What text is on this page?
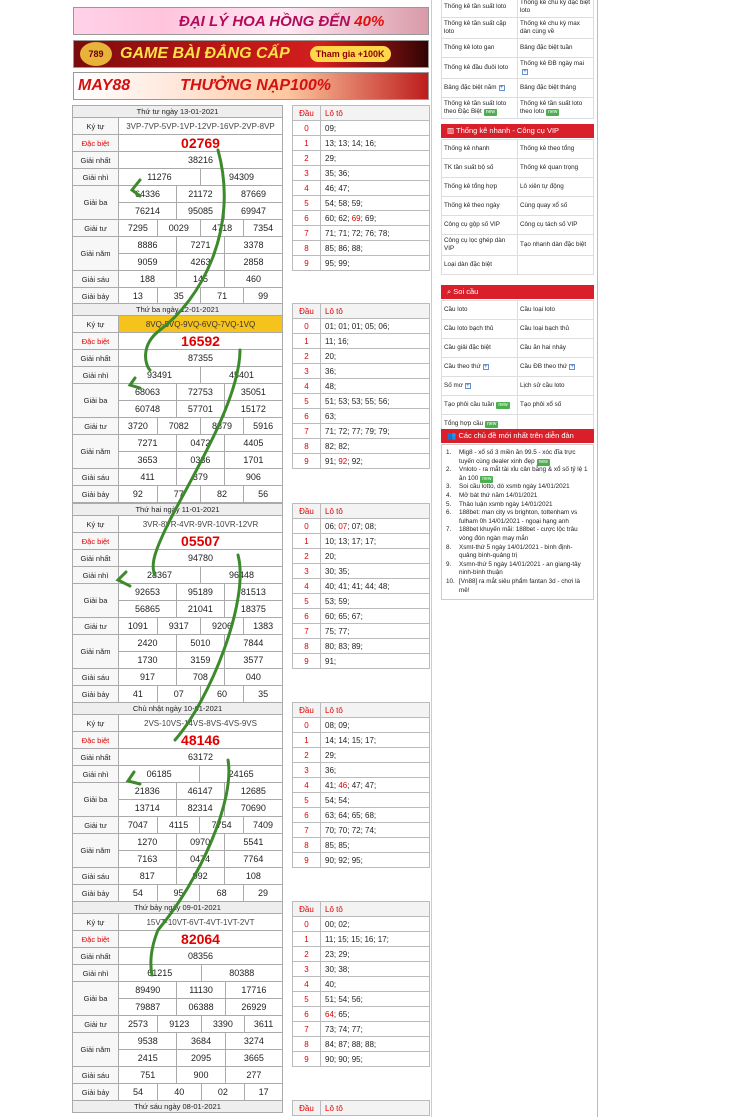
ĐẠI LÝ HOA HỒNG ĐẾN 40%
789	GAME BÀI ĐẲNG CẤP	Tham gia +100K
MAY88	THƯỞNG NẠP100%
Thứ tư ngày 13-01-2021						
Ký tự	3VP-7VP-5VP-1VP-12VP-16VP-2VP-8VP					
Đặc biệt	02769					
Giải nhất	38216					
Giải nhì	11276			94309		
Giải ba	64336		21172		87669	
	76214		95085		69947	
Giải tư	7295	0029		4718		7354
Giải năm	8886		7271		3378	
	9059		4263		2858	
Giải sáu	188		145		460	
Giải bảy	13	35		71		99
Đầu	Lô tô
0	09;
1	13; 13; 14; 16;
2	29;
3	35; 36;
4	46; 47;
5	54; 58; 59;
6	60; 62; 69; 69;
7	71; 71; 72; 76; 78;
8	85; 86; 88;
9	95; 99;
Thứ ba ngày 12-01-2021						
Ký tự	8VQ-5VQ-9VQ-6VQ-7VQ-1VQ					
Đặc biệt	16592					
Giải nhất	87355					
Giải nhì	93491			45401		
Giải ba	68063		72753		35051	
	60748		57701		15172	
Giải tư	3720	7082		8879		5916
Giải năm	7271		0472		4405	
	3653		0336		1701	
Giải sáu	411		379		906	
Giải bảy	92	77		82		56
Đầu	Lô tô
0	01; 01; 01; 05; 06;
1	11; 16;
2	20;
3	36;
4	48;
5	51; 53; 53; 55; 56;
6	63;
7	71; 72; 77; 79; 79;
8	82; 82;
9	91; 92; 92;
Thứ hai ngày 11-01-2021						
Ký tự	3VR-8VR-4VR-9VR-10VR-12VR					
Đặc biệt	05507					
Giải nhất	94780					
Giải nhì	28367			96448		
Giải ba	92653		95189		81513	
	56865		21041		18375	
Giải tư	1091	9317		9206		1383
Giải năm	2420		5010		7844	
	1730		3159		3577	
Giải sáu	917		708		040	
Giải bảy	41	07		60		35
Đầu	Lô tô
0	06; 07; 07; 08;
1	10; 13; 17; 17;
2	20;
3	30; 35;
4	40; 41; 41; 44; 48;
5	53; 59;
6	60; 65; 67;
7	75; 77;
8	80; 83; 89;
9	91;
Chủ nhật ngày 10-01-2021						
Ký tự	2VS-10VS-14VS-8VS-4VS-9VS					
Đặc biệt	48146					
Giải nhất	63172					
Giải nhì	06185			24165		
Giải ba	21836		46147		12685	
	13714		82314		70690	
Giải tư	7047	4115		7754		7409
Giải năm	1270		0970		5541	
	7163		0474		7764	
Giải sáu	817		092		108	
Giải bảy	54	95		68		29
Đầu	Lô tô
0	08; 09;
1	14; 14; 15; 17;
2	29;
3	36;
4	41; 46; 47; 47;
5	54; 54;
6	63; 64; 65; 68;
7	70; 70; 72; 74;
8	85; 85;
9	90; 92; 95;
Thứ bảy ngày 09-01-2021						
Ký tự	15VT-10VT-6VT-4VT-1VT-2VT					
Đặc biệt	82064					
Giải nhất	08356					
Giải nhì	61215			80388		
Giải ba	89490		11130		17716	
	79887		06388		26929	
Giải tư	2573	9123		3390		3611
Giải năm	9538		3684		3274	
	2415		2095		3665	
Giải sáu	751		900		277	
Giải bảy	54	40		02		17
Đầu	Lô tô
0	00; 02;
1	11; 15; 15; 16; 17;
2	23; 29;
3	30; 38;
4	40;
5	51; 54; 56;
6	64; 65;
7	73; 74; 77;
8	84; 87; 88; 88;
9	90; 90; 95;
Thứ sáu ngày 08-01-2021	Đầu	Lô tô
Thống kê tần suất loto	Thống kê chu kỳ đặc biệt loto
Thống kê tần suất cặp loto	Thống kê chu kỳ max dàn cùng về
Thống kê loto gan	Bảng đặc biệt tuần
Thống kê đầu đuôi loto	Thống kê ĐB ngày mai+
Bảng đặc biệt năm +	Bảng đặc biệt tháng
Thống kê tần suất loto theo Đặc Biệt new	Thống kê tần suất loto theo loto new
▥ Thống kê nhanh - Công cụ VIP
Thống kê nhanh	Thống kê theo tổng
TK tần suất bộ số	Thống kê quan trọng
Thống kê tổng hợp	Lô xiên tự động
Thống kê theo ngày	Cùng quay xổ số
Công cụ gộp số VIP	Công cụ tách số VIP
Công cụ lọc ghép dàn VIP	Tạo nhanh dàn đặc biệt
Loại dàn đặc biệt	
⌕ Soi cầu
Cầu loto	Cầu loại loto
Cầu loto bạch thủ	Cầu loại bạch thủ
Cầu giải đặc biệt	Cầu ăn hai nháy
Cầu theo thứ +	Cầu ĐB theo thứ +
Số mơ +	Lịch sử cầu loto
Tạo phôi cầu tuần new	Tạo phôi xổ số
Tổng hợp cầu new	
👥 Các chủ đề mới nhất trên diễn đàn
1.	Mig8 - xổ số 3 miền ăn 99.5 - xóc đĩa trực tuyến cùng dealer xinh đẹp new
2.	Vnloto - ra mắt tài xỉu cân bằng & xổ số tỷ lệ 1 ăn 100 new
3.	Soi cầu lotto, dò xsmb ngày 14/01/2021
4.	Mở bát thứ năm 14/01/2021
5.	Thảo luận xsmb ngày 14/01/2021
6.	188bet: man city vs brighton, tottenham vs fulham 0h 14/01/2021 - ngoại hạng anh
7.	188bet khuyến mãi: 188bet - cược lộc trâu vòng đón ngàn may mắn
8.	Xsmt-thứ 5 ngày 14/01/2021 - bình định-quảng bình-quảng trị
9.	Xsmn-thứ 5 ngày 14/01/2021 - an giang-tây ninh-bình thuận
10. [Vn88] ra mắt siêu phẩm fantan 3d - chơi là mê!
